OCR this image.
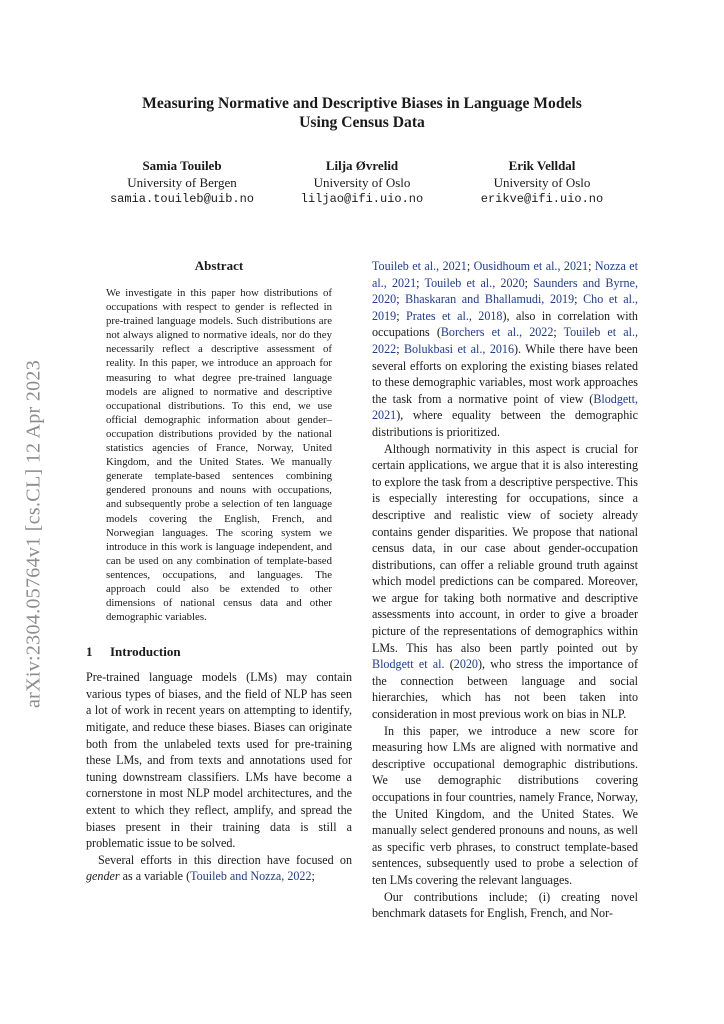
arXiv:2304.05764v1 [cs.CL] 12 Apr 2023
Measuring Normative and Descriptive Biases in Language Models
Using Census Data
Samia Touileb
University of Bergen
samia.touileb@uib.no
Lilja Øvrelid
University of Oslo
liljao@ifi.uio.no
Erik Velldal
University of Oslo
erikve@ifi.uio.no
Abstract

We investigate in this paper how distributions of occupations with respect to gender is reflected in pre-trained language models. Such distributions are not always aligned to normative ideals, nor do they necessarily reflect a descriptive assessment of reality. In this paper, we introduce an approach for measuring to what degree pre-trained language models are aligned to normative and descriptive occupational distributions. To this end, we use official demographic information about gender–occupation distributions provided by the national statistics agencies of France, Norway, United Kingdom, and the United States. We manually generate template-based sentences combining gendered pronouns and nouns with occupations, and subsequently probe a selection of ten language models covering the English, French, and Norwegian languages. The scoring system we introduce in this work is language independent, and can be used on any combination of template-based sentences, occupations, and languages. The approach could also be extended to other dimensions of national census data and other demographic variables.

1 Introduction

Pre-trained language models (LMs) may contain various types of biases, and the field of NLP has seen a lot of work in recent years on attempting to identify, mitigate, and reduce these biases. Biases can originate both from the unlabeled texts used for pre-training these LMs, and from texts and annotations used for tuning downstream classifiers. LMs have become a cornerstone in most NLP model architectures, and the extent to which they reflect, amplify, and spread the biases present in their training data is still a problematic issue to be solved.

Several efforts in this direction have focused on gender as a variable (Touileb and Nozza, 2022;

Touileb et al., 2021; Ousidhoum et al., 2021; Nozza et al., 2021; Touileb et al., 2020; Saunders and Byrne, 2020; Bhaskaran and Bhallamudi, 2019; Cho et al., 2019; Prates et al., 2018), also in correlation with occupations (Borchers et al., 2022; Touileb et al., 2022; Bolukbasi et al., 2016). While there have been several efforts on exploring the existing biases related to these demographic variables, most work approaches the task from a normative point of view (Blodgett, 2021), where equality between the demographic distributions is prioritized.

Although normativity in this aspect is crucial for certain applications, we argue that it is also interesting to explore the task from a descriptive perspective. This is especially interesting for occupations, since a descriptive and realistic view of society already contains gender disparities. We propose that national census data, in our case about gender-occupation distributions, can offer a reliable ground truth against which model predictions can be compared. Moreover, we argue for taking both normative and descriptive assessments into account, in order to give a broader picture of the representations of demographics within LMs. This has also been partly pointed out by Blodgett et al. (2020), who stress the importance of the connection between language and social hierarchies, which has not been taken into consideration in most previous work on bias in NLP.

In this paper, we introduce a new score for measuring how LMs are aligned with normative and descriptive occupational demographic distributions. We use demographic distributions covering occupations in four countries, namely France, Norway, the United Kingdom, and the United States. We manually select gendered pronouns and nouns, as well as specific verb phrases, to construct template-based sentences, subsequently used to probe a selection of ten LMs covering the relevant languages.

Our contributions include; (i) creating novel benchmark datasets for English, French, and Nor-
